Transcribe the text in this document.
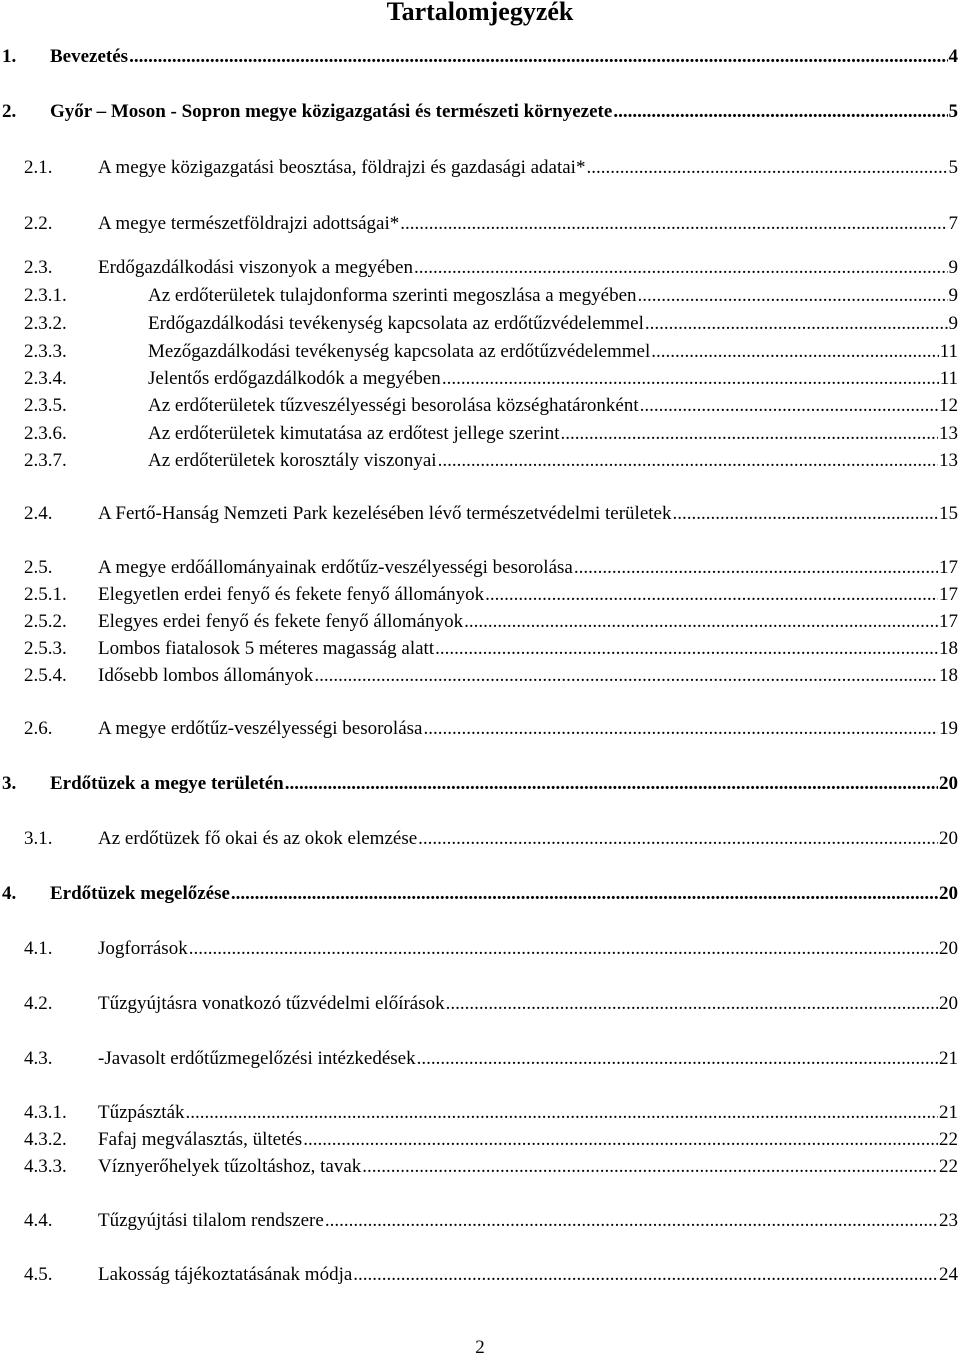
Tartalomjegyzék
1. Bevezetés .....	4
2. Győr – Moson - Sopron megye közigazgatási és természeti környezete .....	5
2.1. A megye közigazgatási beosztása, földrajzi és gazdasági adatai* .....	5
2.2. A megye természetföldrajzi adottságai* .....	7
2.3. Erdőgazdálkodási viszonyok a megyében .....	9
2.3.1.	Az erdőterületek tulajdonforma szerinti megoszlása a megyében .....	9
2.3.2.	Erdőgazdálkodási tevékenység kapcsolata az erdőtűzvédelemmel .....	9
2.3.3.	Mezőgazdálkodási tevékenység kapcsolata az erdőtűzvédelemmel .....	11
2.3.4.	Jelentős erdőgazdálkodók a megyében .....	11
2.3.5.	Az erdőterületek tűzveszélyességi besorolása községhatáronként .....	12
2.3.6.	Az erdőterületek kimutatása az erdőtest jellege szerint .....	13
2.3.7.	Az erdőterületek korosztály viszonyai .....	13
2.4. A Fertő-Hanság Nemzeti Park kezelésében lévő természetvédelmi területek .....	15
2.5. A megye erdőállományainak erdőtűz-veszélyességi besorolása .....	17
2.5.1. Elegyetlen erdei fenyő és fekete fenyő állományok .....	17
2.5.2. Elegyes erdei fenyő és fekete fenyő állományok .....	17
2.5.3. Lombos fiatalosok 5 méteres magasság alatt .....	18
2.5.4. Idősebb lombos állományok .....	18
2.6. A megye erdőtűz-veszélyességi besorolása .....	19
3. Erdőtüzek a megye területén .....	20
3.1. Az erdőtüzek fő okai és az okok elemzése .....	20
4. Erdőtüzek megelőzése .....	20
4.1. Jogforrások .....	20
4.2. Tűzgyújtásra vonatkozó tűzvédelmi előírások .....	20
4.3. -Javasolt erdőtűzmegelőzési intézkedések .....	21
4.3.1. Tűzpászták .....	21
4.3.2. Fafaj megválasztás, ültetés .....	22
4.3.3. Víznyerőhelyek tűzoltáshoz, tavak .....	22
4.4. Tűzgyújtási tilalom rendszere .....	23
4.5. Lakosság tájékoztatásának módja .....	24
2
